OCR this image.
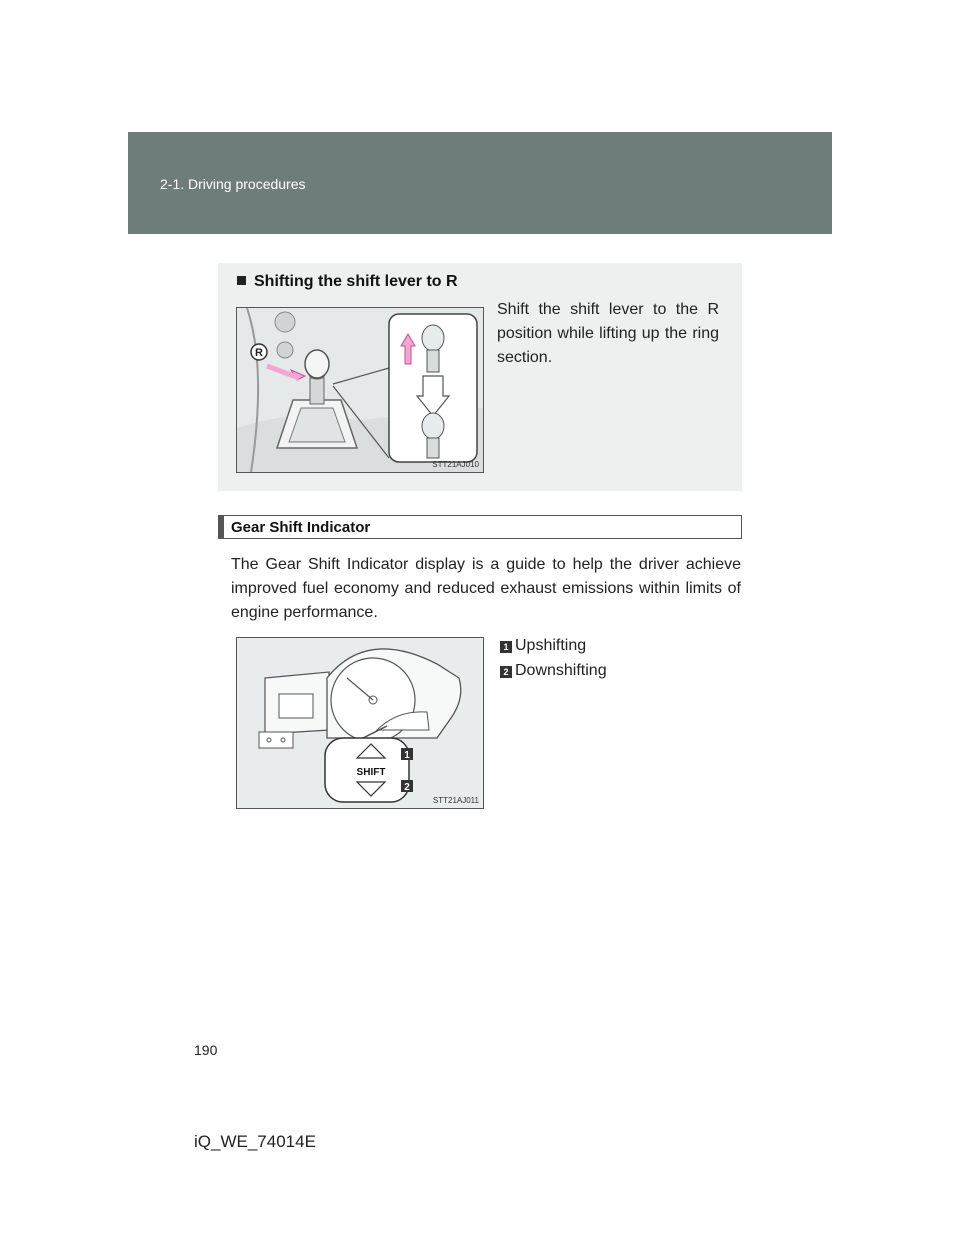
2-1. Driving procedures
Shifting the shift lever to R
Shift the shift lever to the R position while lifting up the ring section.
R
STT21AJ010
Gear Shift Indicator
The Gear Shift Indicator display is a guide to help the driver achieve improved fuel economy and reduced exhaust emissions within limits of engine performance.
SHIFT
1
2
STT21AJ011
1 Upshifting
2 Downshifting
190
iQ_WE_74014E
